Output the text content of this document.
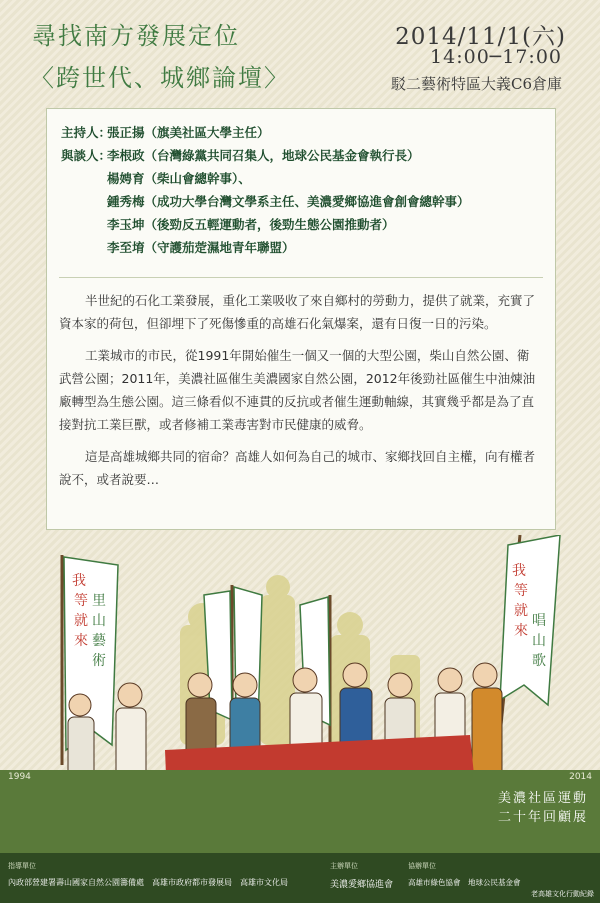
尋找南方發展定位
〈跨世代、城鄉論壇〉
2014/11/1(六)
14:00─17:00
駁二藝術特區大義C6倉庫
主持人：張正揚（旗美社區大學主任）
與談人：李根政（台灣綠黨共同召集人，地球公民基金會執行長）
楊娉育（柴山會總幹事）、
鍾秀梅（成功大學台灣文學系主任、美濃愛鄉協進會創會總幹事）
李玉坤（後勁反五輕運動者，後勁生態公園推動者）
李至堉（守護茄萣濕地青年聯盟）

半世紀的石化工業發展，重化工業吸收了來自鄉村的勞動力，提供了就業，充實了資本家的荷包，但卻埋下了死傷慘重的高雄石化氣爆案，還有日復一日的污染。

工業城市的市民，從1991年開始催生一個又一個的大型公園，柴山自然公園、衛武營公園；2011年，美濃社區催生美濃國家自然公園，2012年後勁社區催生中油煉油廠轉型為生態公園。這三條看似不連貫的反抗或者催生運動軸線，其實幾乎都是為了直接對抗工業巨獸，或者修補工業毒害對市民健康的威脅。

這是高雄城鄉共同的宿命？高雄人如何為自己的城市、家鄉找回自主權，向有權者說不，或者說要…

我
等
就
來
里
山
藝
術
我
等
就
來
唱
山
歌
1994	2014
美濃社區運動
二十年回顧展
指導單位
內政部營建署壽山國家自然公園籌備處　高雄市政府都市發展局　高雄市文化局
主辦單位
美濃愛鄉協進會
協辦單位
高雄市綠色協會　地球公民基金會
老高雄文化行動紀錄
